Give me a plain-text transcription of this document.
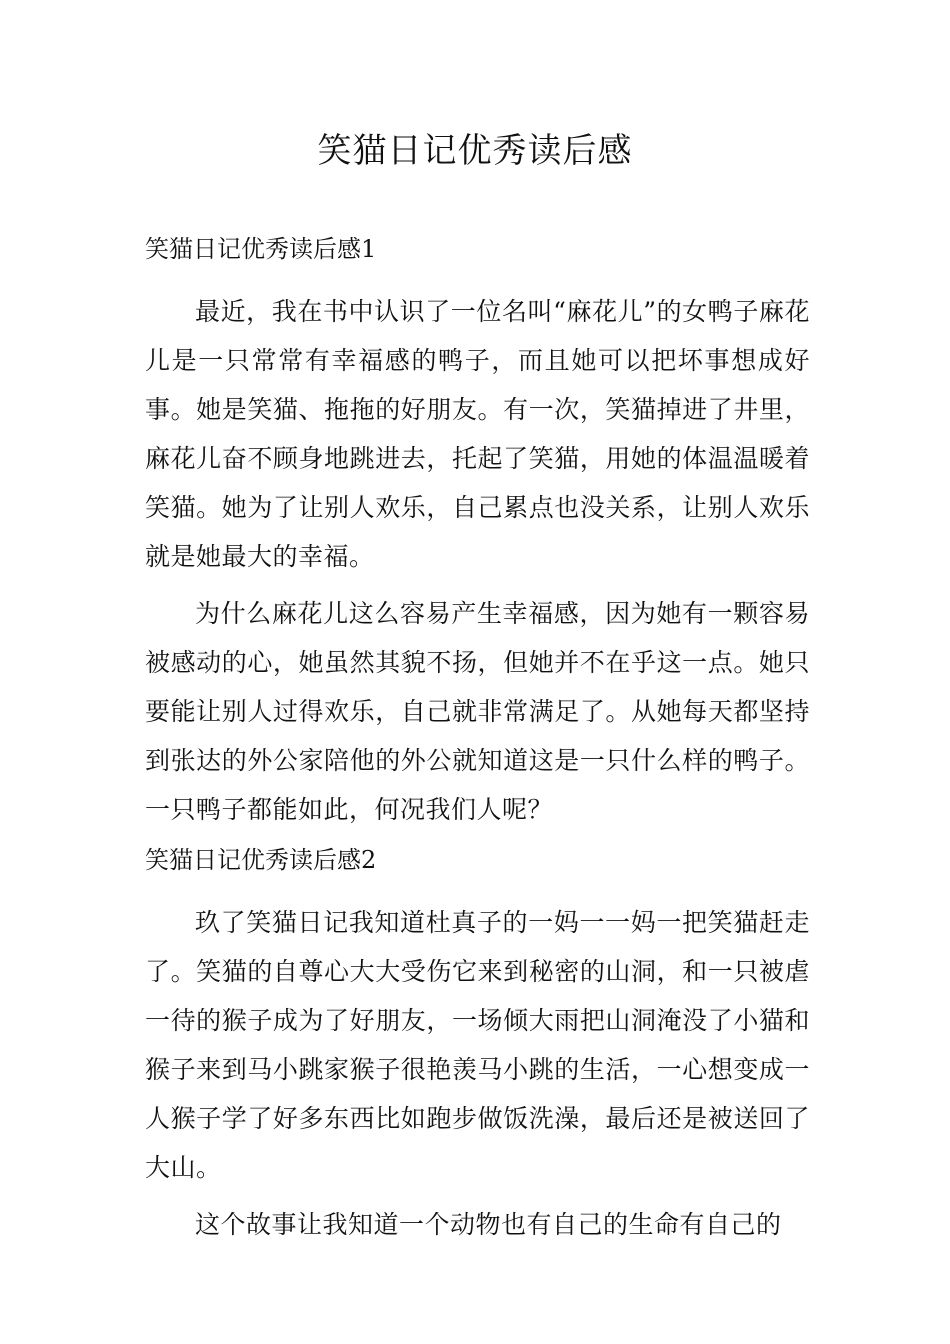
笑猫日记优秀读后感
笑猫日记优秀读后感1

最近，我在书中认识了一位名叫“麻花儿”的女鸭子麻花儿是一只常常有幸福感的鸭子，而且她可以把坏事想成好事。她是笑猫、拖拖的好朋友。有一次，笑猫掉进了井里，麻花儿奋不顾身地跳进去，托起了笑猫，用她的体温温暖着笑猫。她为了让别人欢乐，自己累点也没关系，让别人欢乐就是她最大的幸福。

为什么麻花儿这么容易产生幸福感，因为她有一颗容易被感动的心，她虽然其貌不扬，但她并不在乎这一点。她只要能让别人过得欢乐，自己就非常满足了。从她每天都坚持到张达的外公家陪他的外公就知道这是一只什么样的鸭子。一只鸭子都能如此，何况我们人呢？

笑猫日记优秀读后感2

玖了笑猫日记我知道杜真子的一妈一一妈一把笑猫赶走了。笑猫的自尊心大大受伤它来到秘密的山洞，和一只被虐一待的猴子成为了好朋友，一场倾大雨把山洞淹没了小猫和猴子来到马小跳家猴子很艳羡马小跳的生活，一心想变成一人猴子学了好多东西比如跑步做饭洗澡，最后还是被送回了大山。

这个故事让我知道一个动物也有自己的生命有自己的
